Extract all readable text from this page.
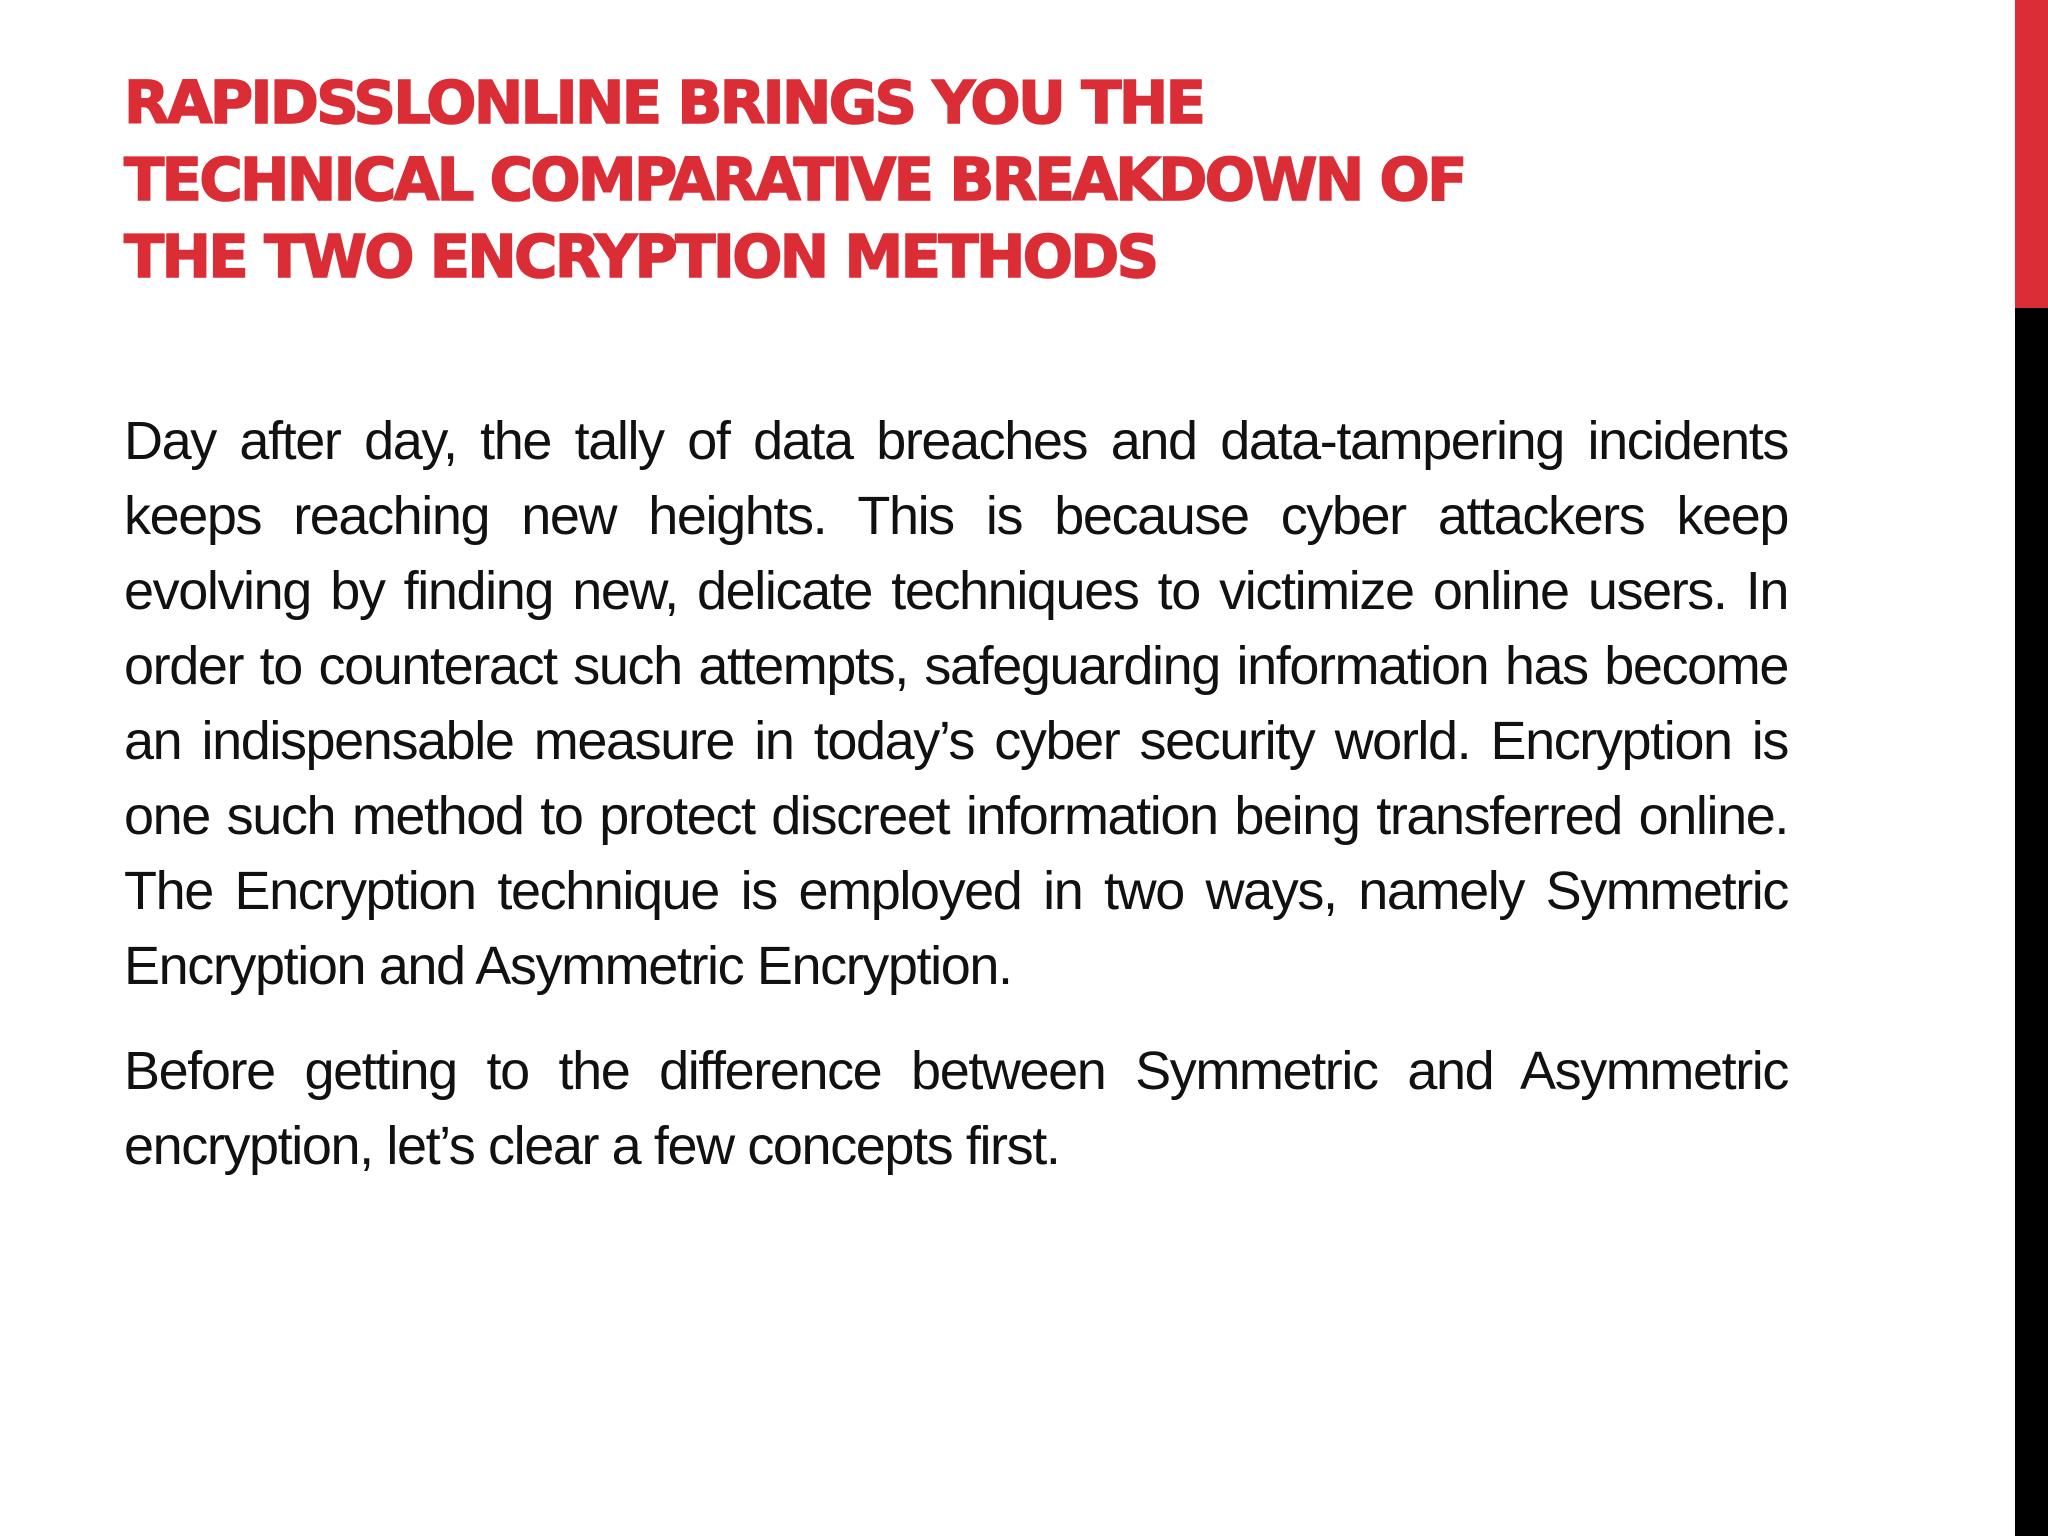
RAPIDSSLONLINE BRINGS YOU THE
TECHNICAL COMPARATIVE BREAKDOWN OF
THE TWO ENCRYPTION METHODS

Day after day, the tally of data breaches and data-tampering incidents keeps reaching new heights. This is because cyber attackers keep evolving by finding new, delicate techniques to victimize online users. In order to counteract such attempts, safeguarding information has become an indispensable measure in today’s cyber security world. Encryption is one such method to protect discreet information being transferred online. The Encryption technique is employed in two ways, namely Symmetric Encryption and Asymmetric Encryption.

Before getting to the difference between Symmetric and Asymmetric encryption, let’s clear a few concepts first.
